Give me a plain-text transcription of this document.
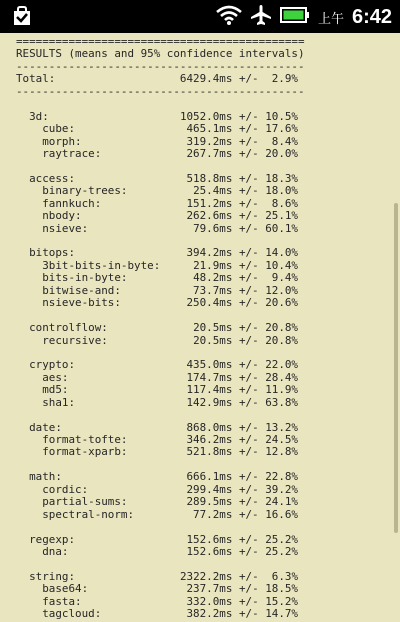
上午 6:42
============================================
RESULTS (means and 95% confidence intervals)
--------------------------------------------
Total:	6429.4ms +/-  2.9%
--------------------------------------------

3d:	1052.0ms +/- 10.5%
cube:	465.1ms +/- 17.6%
morph:	319.2ms +/-  8.4%
raytrace:	267.7ms +/- 20.0%

access:	518.8ms +/- 18.3%
binary-trees:	25.4ms +/- 18.0%
fannkuch:	151.2ms +/-  8.6%
nbody:	262.6ms +/- 25.1%
nsieve:	79.6ms +/- 60.1%

bitops:	394.2ms +/- 14.0%
3bit-bits-in-byte:	21.9ms +/- 10.4%
bits-in-byte:	48.2ms +/-  9.4%
bitwise-and:	73.7ms +/- 12.0%
nsieve-bits:	250.4ms +/- 20.6%

controlflow:	20.5ms +/- 20.8%
recursive:	20.5ms +/- 20.8%

crypto:	435.0ms +/- 22.0%
aes:	174.7ms +/- 28.4%
md5:	117.4ms +/- 11.9%
sha1:	142.9ms +/- 63.8%

date:	868.0ms +/- 13.2%
format-tofte:	346.2ms +/- 24.5%
format-xparb:	521.8ms +/- 12.8%

math:	666.1ms +/- 22.8%
cordic:	299.4ms +/- 39.2%
partial-sums:	289.5ms +/- 24.1%
spectral-norm:	77.2ms +/- 16.6%

regexp:	152.6ms +/- 25.2%
dna:	152.6ms +/- 25.2%

string:	2322.2ms +/-  6.3%
base64:	237.7ms +/- 18.5%
fasta:	332.0ms +/- 15.2%
tagcloud:	382.2ms +/- 14.7%
